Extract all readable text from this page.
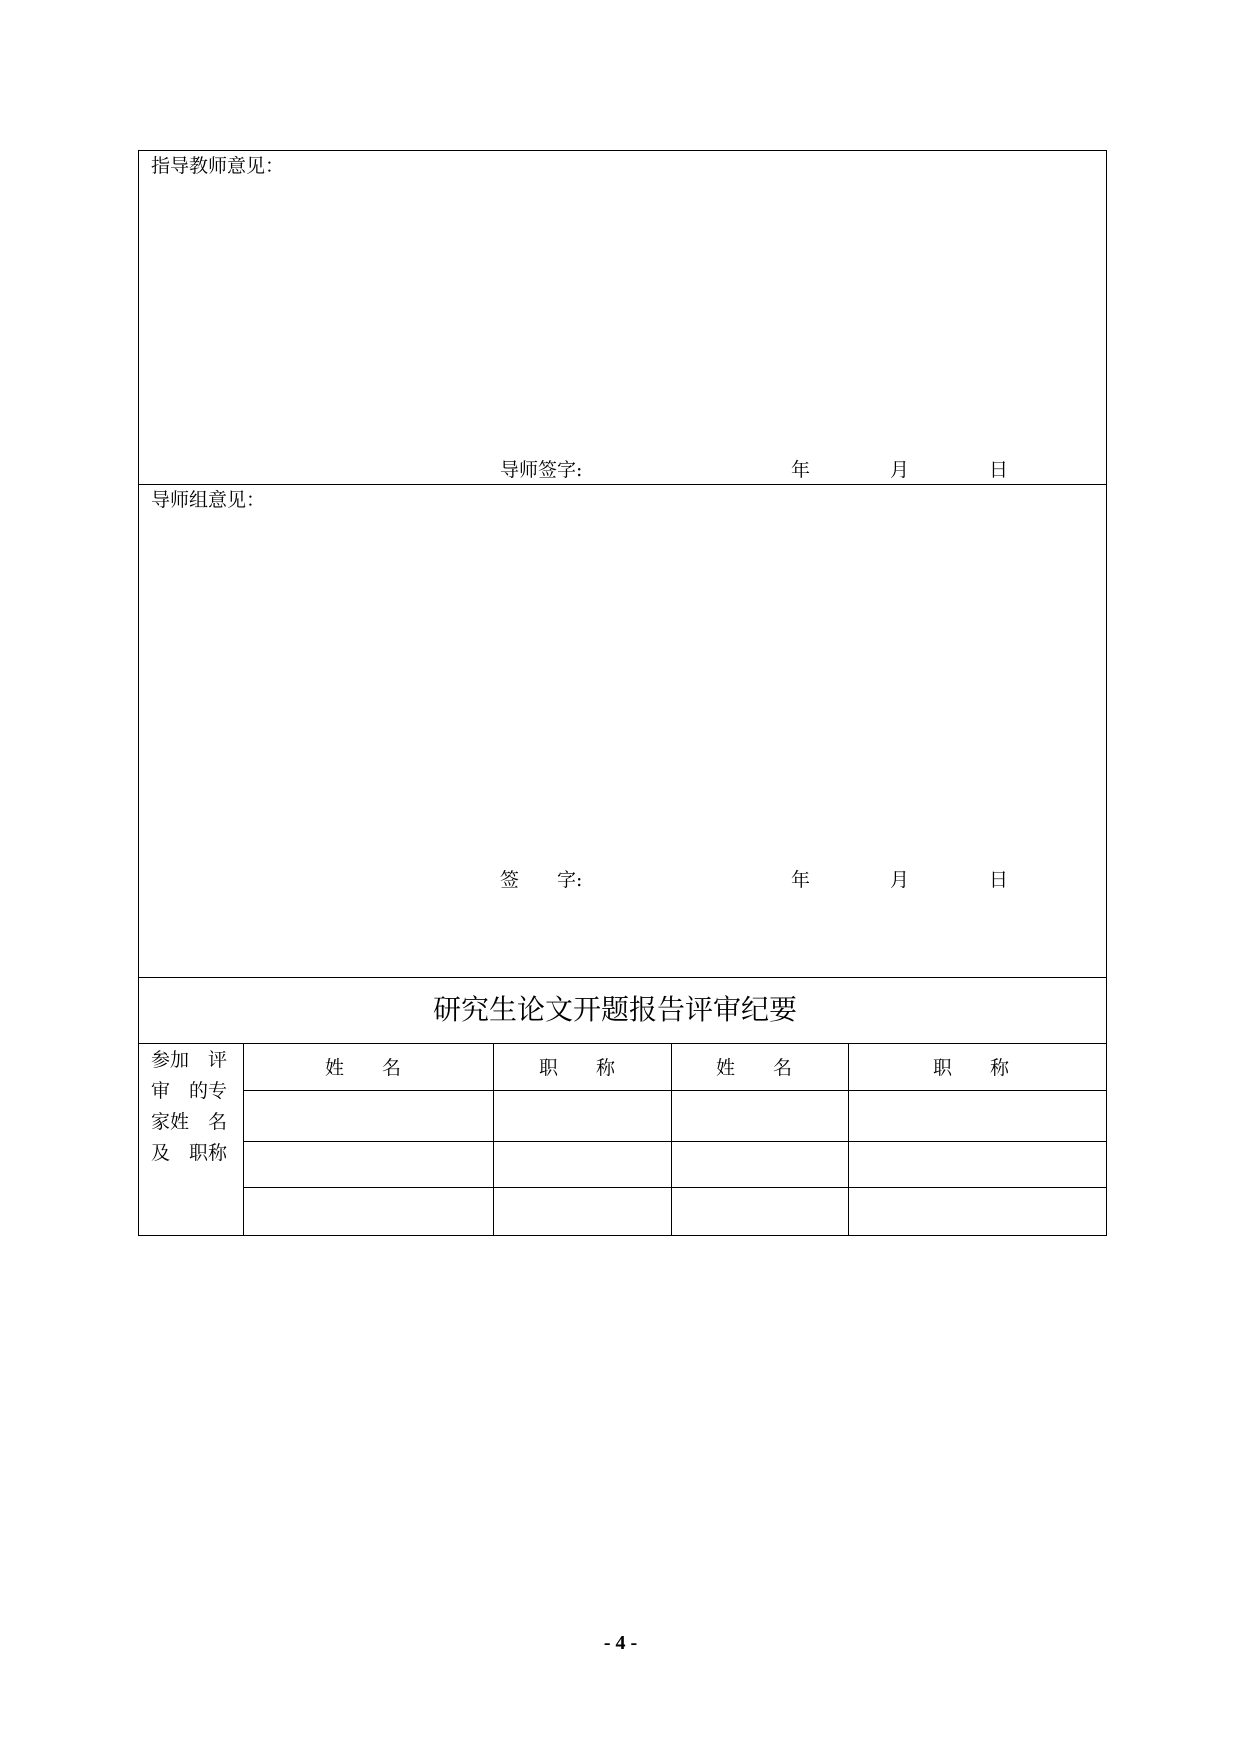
指导教师意见：
导师签字:	年	月	日
导师组意见：
签　　字:	年	月	日
研究生论文开题报告评审纪要
参加　评
审　的专
家姓　名
及　职称
姓　　名	职　　称	姓　　名	职　　称
- 4 -
